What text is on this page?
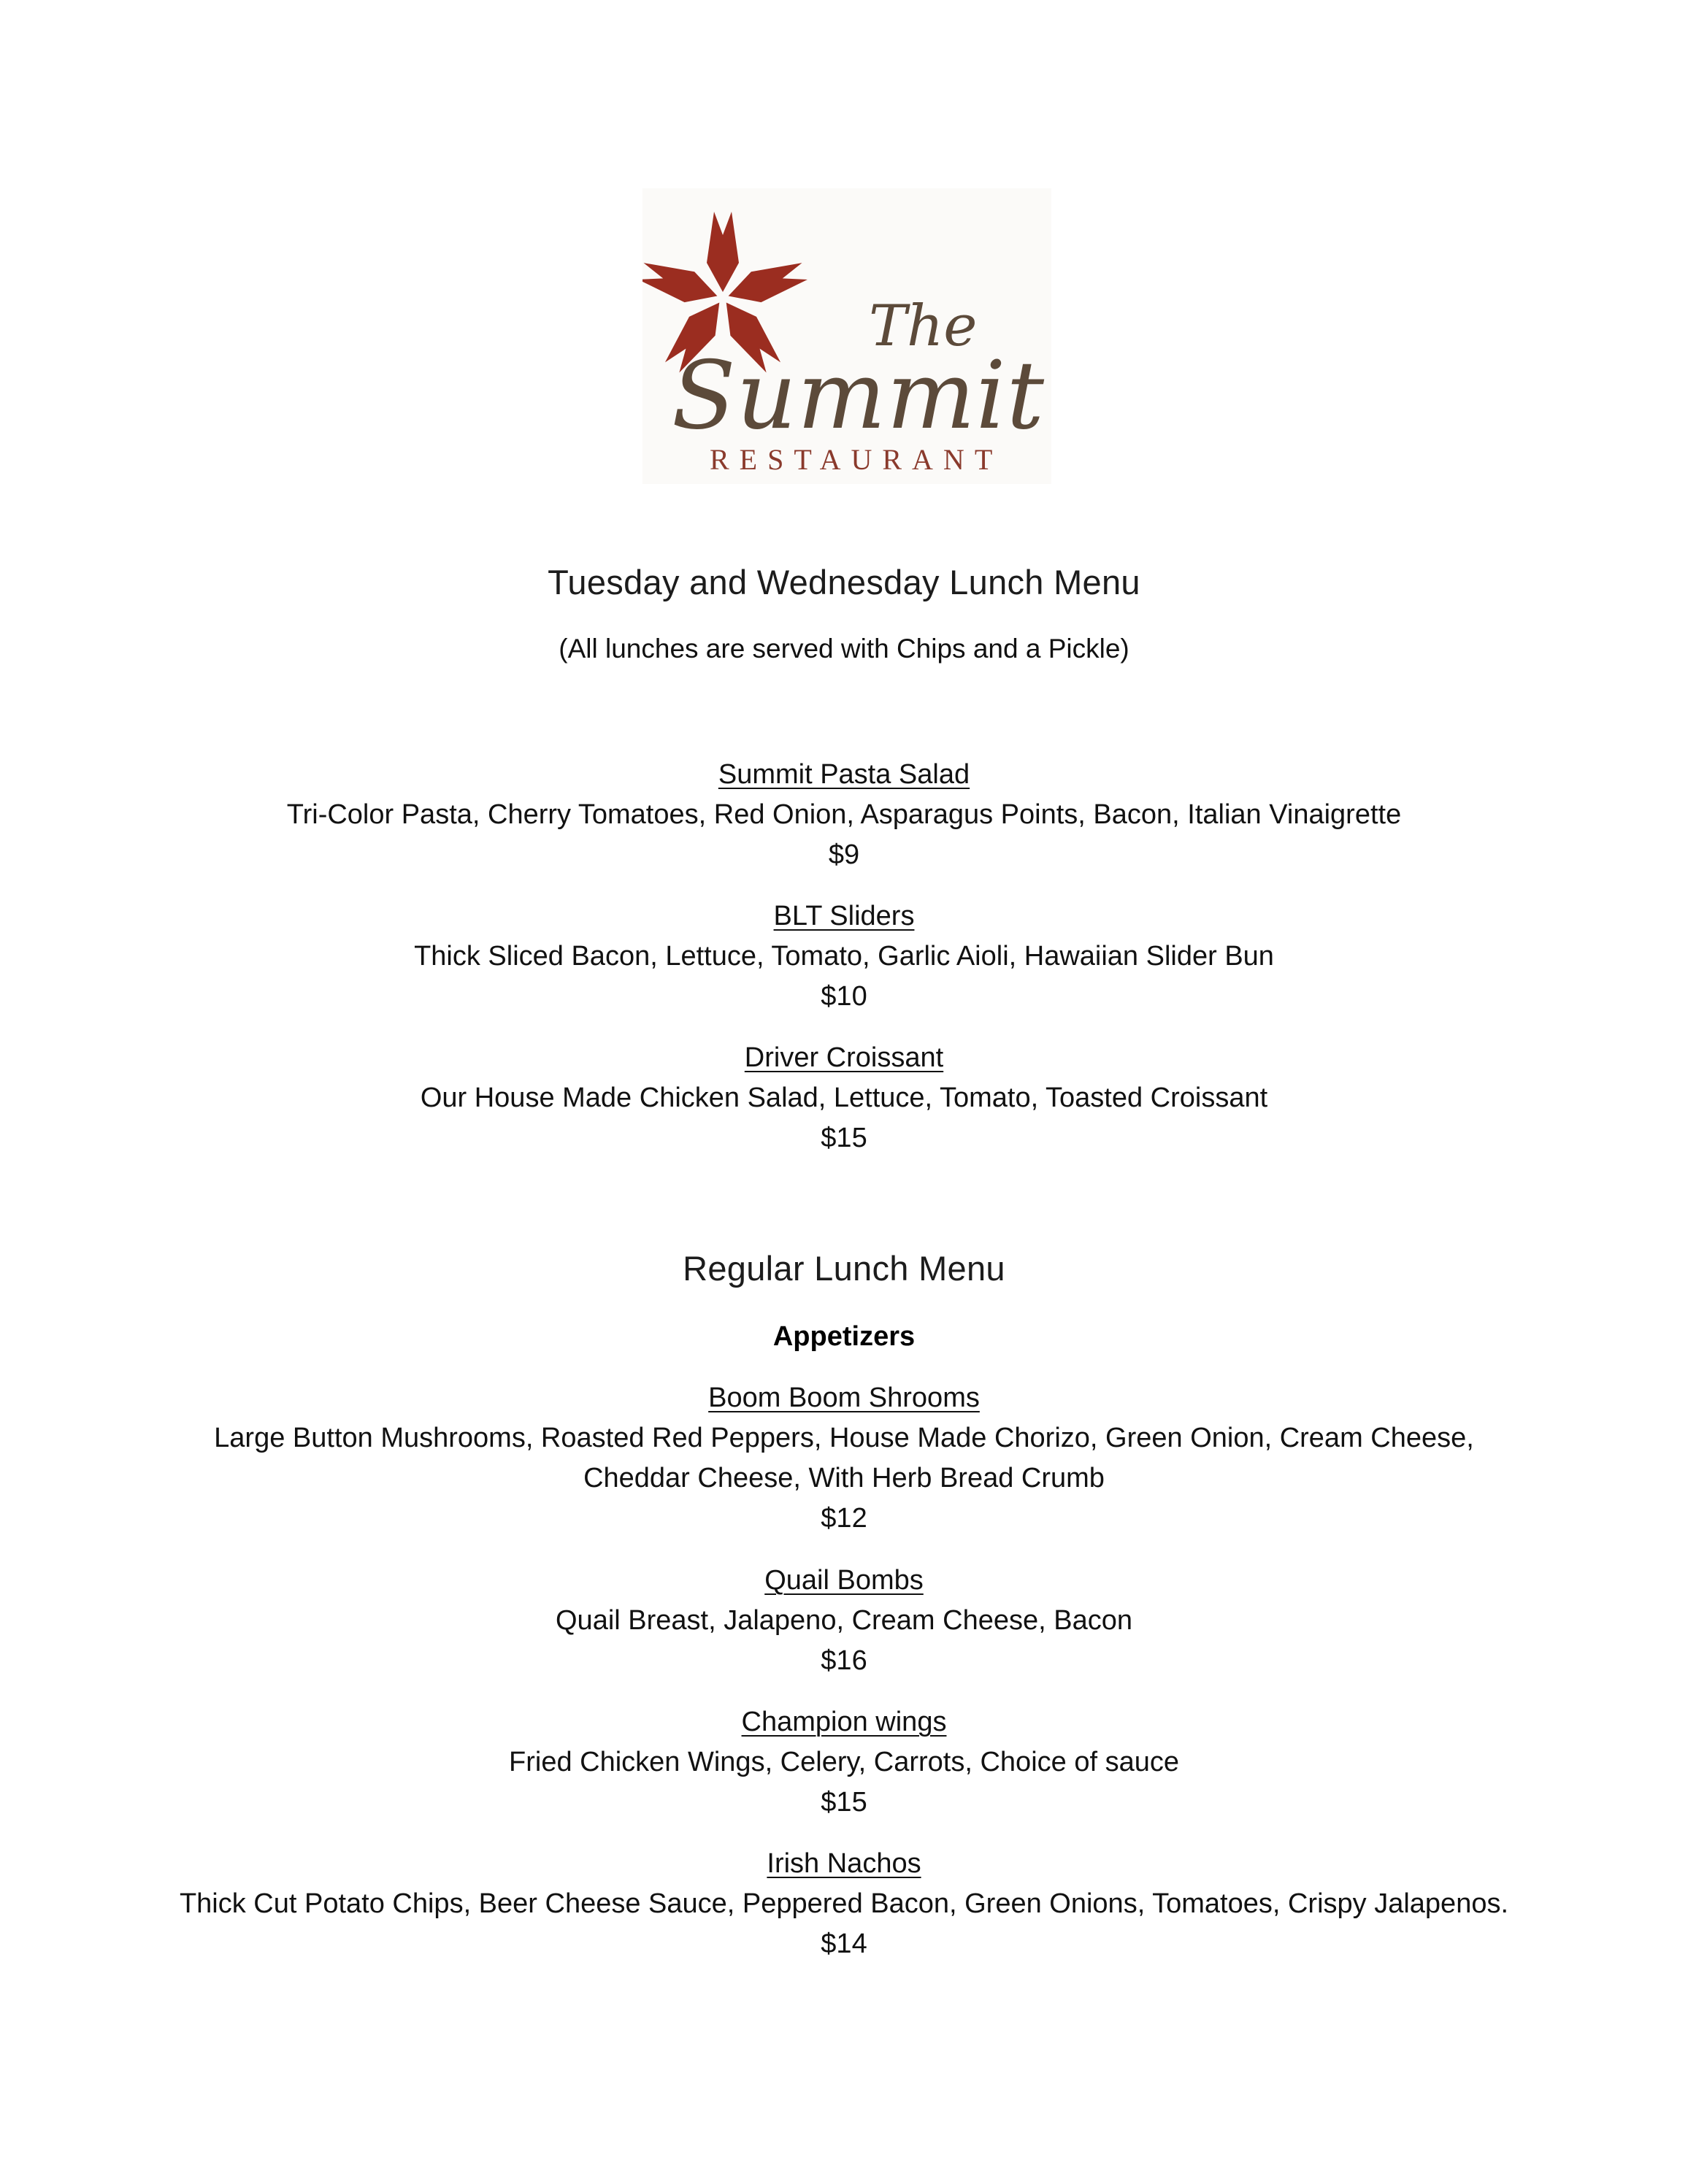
The
Summit
RESTAURANT
Tuesday and Wednesday Lunch Menu
(All lunches are served with Chips and a Pickle)
Summit Pasta Salad
Tri-Color Pasta, Cherry Tomatoes, Red Onion, Asparagus Points, Bacon, Italian Vinaigrette
$9
BLT Sliders
Thick Sliced Bacon, Lettuce, Tomato, Garlic Aioli, Hawaiian Slider Bun
$10
Driver Croissant
Our House Made Chicken Salad, Lettuce, Tomato, Toasted Croissant
$15
Regular Lunch Menu
Appetizers
Boom Boom Shrooms
Large Button Mushrooms, Roasted Red Peppers, House Made Chorizo, Green Onion, Cream Cheese,
Cheddar Cheese, With Herb Bread Crumb
$12
Quail Bombs
Quail Breast, Jalapeno, Cream Cheese, Bacon
$16
Champion wings
Fried Chicken Wings, Celery, Carrots, Choice of sauce
$15
Irish Nachos
Thick Cut Potato Chips, Beer Cheese Sauce, Peppered Bacon, Green Onions, Tomatoes, Crispy Jalapenos.
$14
